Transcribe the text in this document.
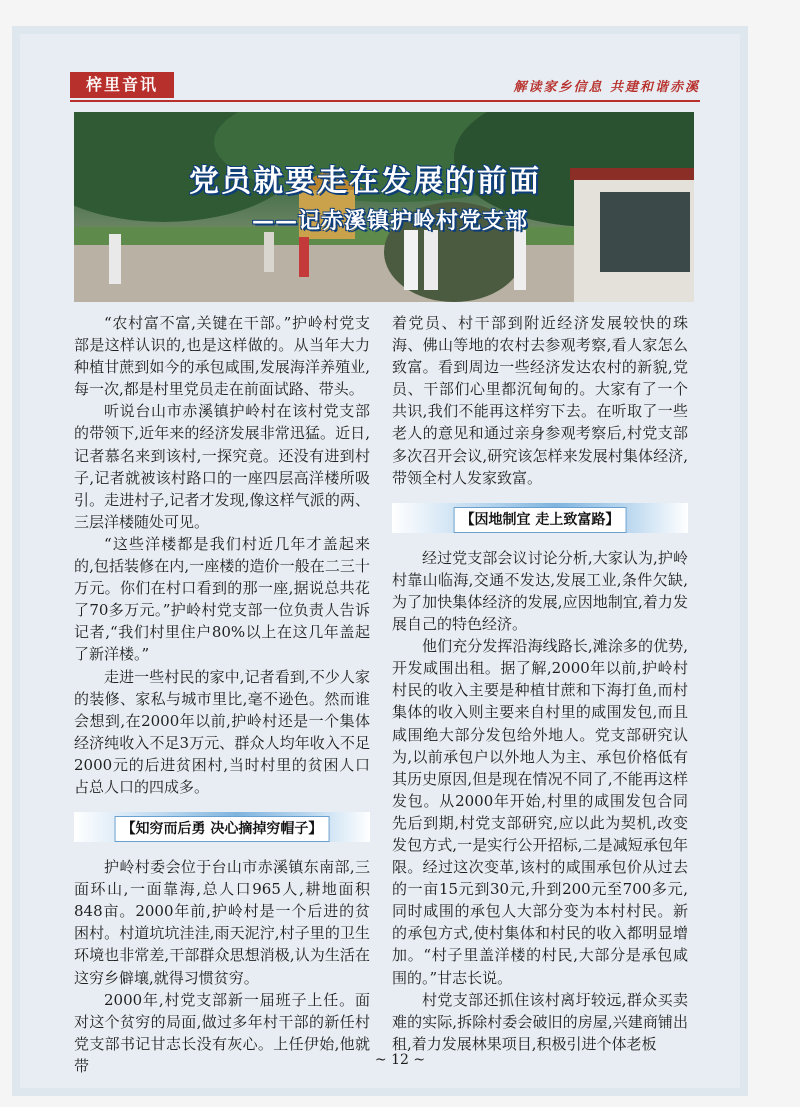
梓里音讯	解读家乡信息 共建和谐赤溪
党员就要走在发展的前面
——记赤溪镇护岭村党支部

“农村富不富,关键在干部。”护岭村党支部是这样认识的,也是这样做的。从当年大力种植甘蔗到如今的承包咸围,发展海洋养殖业,每一次,都是村里党员走在前面试路、带头。

听说台山市赤溪镇护岭村在该村党支部的带领下,近年来的经济发展非常迅猛。近日,记者慕名来到该村,一探究竟。还没有进到村子,记者就被该村路口的一座四层高洋楼所吸引。走进村子,记者才发现,像这样气派的两、三层洋楼随处可见。

“这些洋楼都是我们村近几年才盖起来的,包括装修在内,一座楼的造价一般在二三十万元。你们在村口看到的那一座,据说总共花了70多万元。”护岭村党支部一位负责人告诉记者,“我们村里住户80%以上在这几年盖起了新洋楼。”

走进一些村民的家中,记者看到,不少人家的装修、家私与城市里比,毫不逊色。然而谁会想到,在2000年以前,护岭村还是一个集体经济纯收入不足3万元、群众人均年收入不足2000元的后进贫困村,当时村里的贫困人口占总人口的四成多。

【知穷而后勇 决心摘掉穷帽子】

护岭村委会位于台山市赤溪镇东南部,三面环山,一面靠海,总人口965人,耕地面积848亩。2000年前,护岭村是一个后进的贫困村。村道坑坑洼洼,雨天泥泞,村子里的卫生环境也非常差,干部群众思想消极,认为生活在这穷乡僻壤,就得习惯贫穷。

2000年,村党支部新一届班子上任。面对这个贫穷的局面,做过多年村干部的新任村党支部书记甘志长没有灰心。上任伊始,他就带

着党员、村干部到附近经济发展较快的珠海、佛山等地的农村去参观考察,看人家怎么致富。看到周边一些经济发达农村的新貌,党员、干部们心里都沉甸甸的。大家有了一个共识,我们不能再这样穷下去。在听取了一些老人的意见和通过亲身参观考察后,村党支部多次召开会议,研究该怎样来发展村集体经济,带领全村人发家致富。

【因地制宜 走上致富路】

经过党支部会议讨论分析,大家认为,护岭村靠山临海,交通不发达,发展工业,条件欠缺,为了加快集体经济的发展,应因地制宜,着力发展自己的特色经济。

他们充分发挥沿海线路长,滩涂多的优势,开发咸围出租。据了解,2000年以前,护岭村村民的收入主要是种植甘蔗和下海打鱼,而村集体的收入则主要来自村里的咸围发包,而且咸围绝大部分发包给外地人。党支部研究认为,以前承包户以外地人为主、承包价格低有其历史原因,但是现在情况不同了,不能再这样发包。从2000年开始,村里的咸围发包合同先后到期,村党支部研究,应以此为契机,改变发包方式,一是实行公开招标,二是减短承包年限。经过这次变革,该村的咸围承包价从过去的一亩15元到30元,升到200元至700多元,同时咸围的承包人大部分变为本村村民。新的承包方式,使村集体和村民的收入都明显增加。“村子里盖洋楼的村民,大部分是承包咸围的。”甘志长说。

村党支部还抓住该村离圩较远,群众买卖难的实际,拆除村委会破旧的房屋,兴建商铺出租,着力发展林果项目,积极引进个体老板

~ 12 ~
